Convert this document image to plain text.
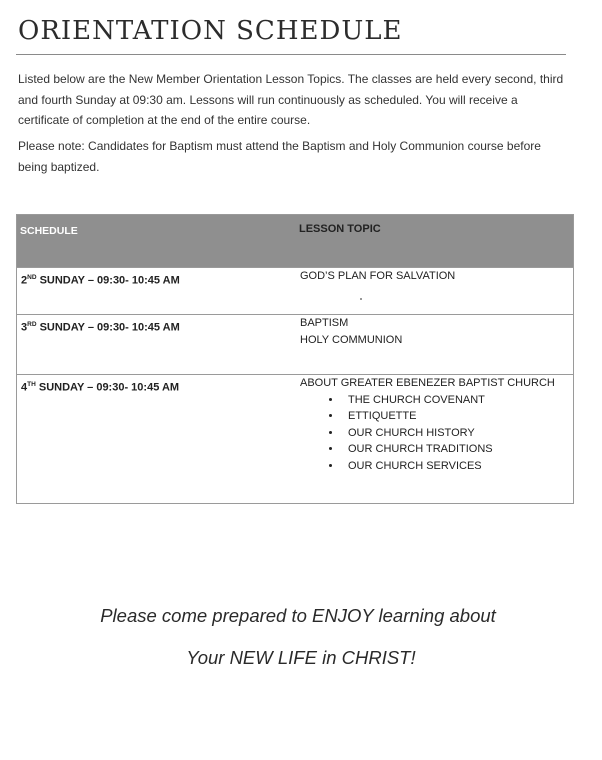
ORIENTATION SCHEDULE

Listed below are the New Member Orientation Lesson Topics. The classes are held every second, third and fourth Sunday at 09:30 am. Lessons will run continuously as scheduled. You will receive a certificate of completion at the end of the entire course.

Please note: Candidates for Baptism must attend the Baptism and Holy Communion course before being baptized.

SCHEDULE	LESSON TOPIC
2ND SUNDAY – 09:30- 10:45 AM	GOD’S PLAN FOR SALVATION
3RD SUNDAY – 09:30- 10:45 AM	BAPTISM
HOLY COMMUNION
4TH SUNDAY – 09:30- 10:45 AM	ABOUT GREATER EBENEZER BAPTIST CHURCH
• THE CHURCH COVENANT
• ETTIQUETTE
• OUR CHURCH HISTORY
• OUR CHURCH TRADITIONS
• OUR CHURCH SERVICES

Please come prepared to ENJOY learning about

Your NEW LIFE in CHRIST!
